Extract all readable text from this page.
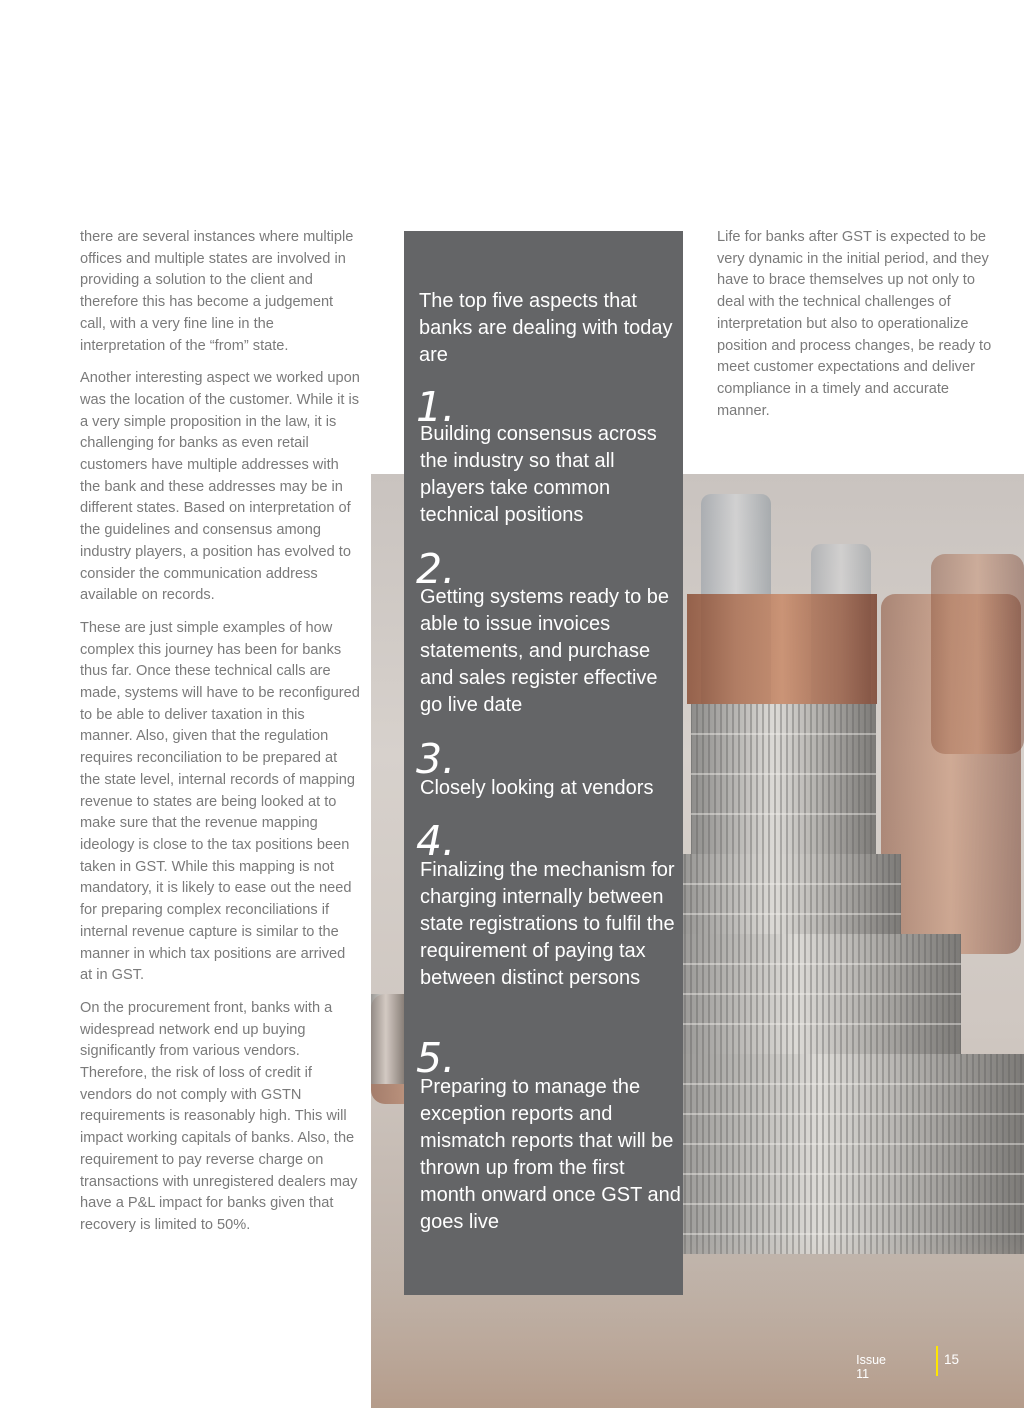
there are several instances where multiple offices and multiple states are involved in providing a solution to the client and therefore this has become a judgement call, with a very fine line in the interpretation of the “from” state.

Another interesting aspect we worked upon was the location of the customer. While it is a very simple proposition in the law, it is challenging for banks as even retail customers have multiple addresses with the bank and these addresses may be in different states. Based on interpretation of the guidelines and consensus among industry players, a position has evolved to consider the communication address available on records.

These are just simple examples of how complex this journey has been for banks thus far. Once these technical calls are made, systems will have to be reconfigured to be able to deliver taxation in this manner. Also, given that the regulation requires reconciliation to be prepared at the state level, internal records of mapping revenue to states are being looked at to make sure that the revenue mapping ideology is close to the tax positions been taken in GST. While this mapping is not mandatory, it is likely to ease out the need for preparing complex reconciliations if internal revenue capture is similar to the manner in which tax positions are arrived at in GST.

On the procurement front, banks with a widespread network end up buying significantly from various vendors. Therefore, the risk of loss of credit if vendors do not comply with GSTN requirements is reasonably high. This will impact working capitals of banks. Also, the requirement to pay reverse charge on transactions with unregistered dealers may have a P&L impact for banks given that recovery is limited to 50%.

Life for banks after GST is expected to be very dynamic in the initial period, and they have to brace themselves up not only to deal with the technical challenges of interpretation but also to operationalize position and process changes, be ready to meet customer expectations and deliver compliance in a timely and accurate manner.

The top five aspects that banks are dealing with today are

1.

Building consensus across the industry so that all players take common technical positions

2.

Getting systems ready to be able to issue invoices statements, and purchase and sales register effective go live date

3.

Closely looking at vendors

4.

Finalizing the mechanism for charging internally between state registrations to fulfil the requirement of paying tax between distinct persons

5.

Preparing to manage the exception reports and mismatch reports that will be thrown up from the first month onward once GST and goes live

Issue 11
15
